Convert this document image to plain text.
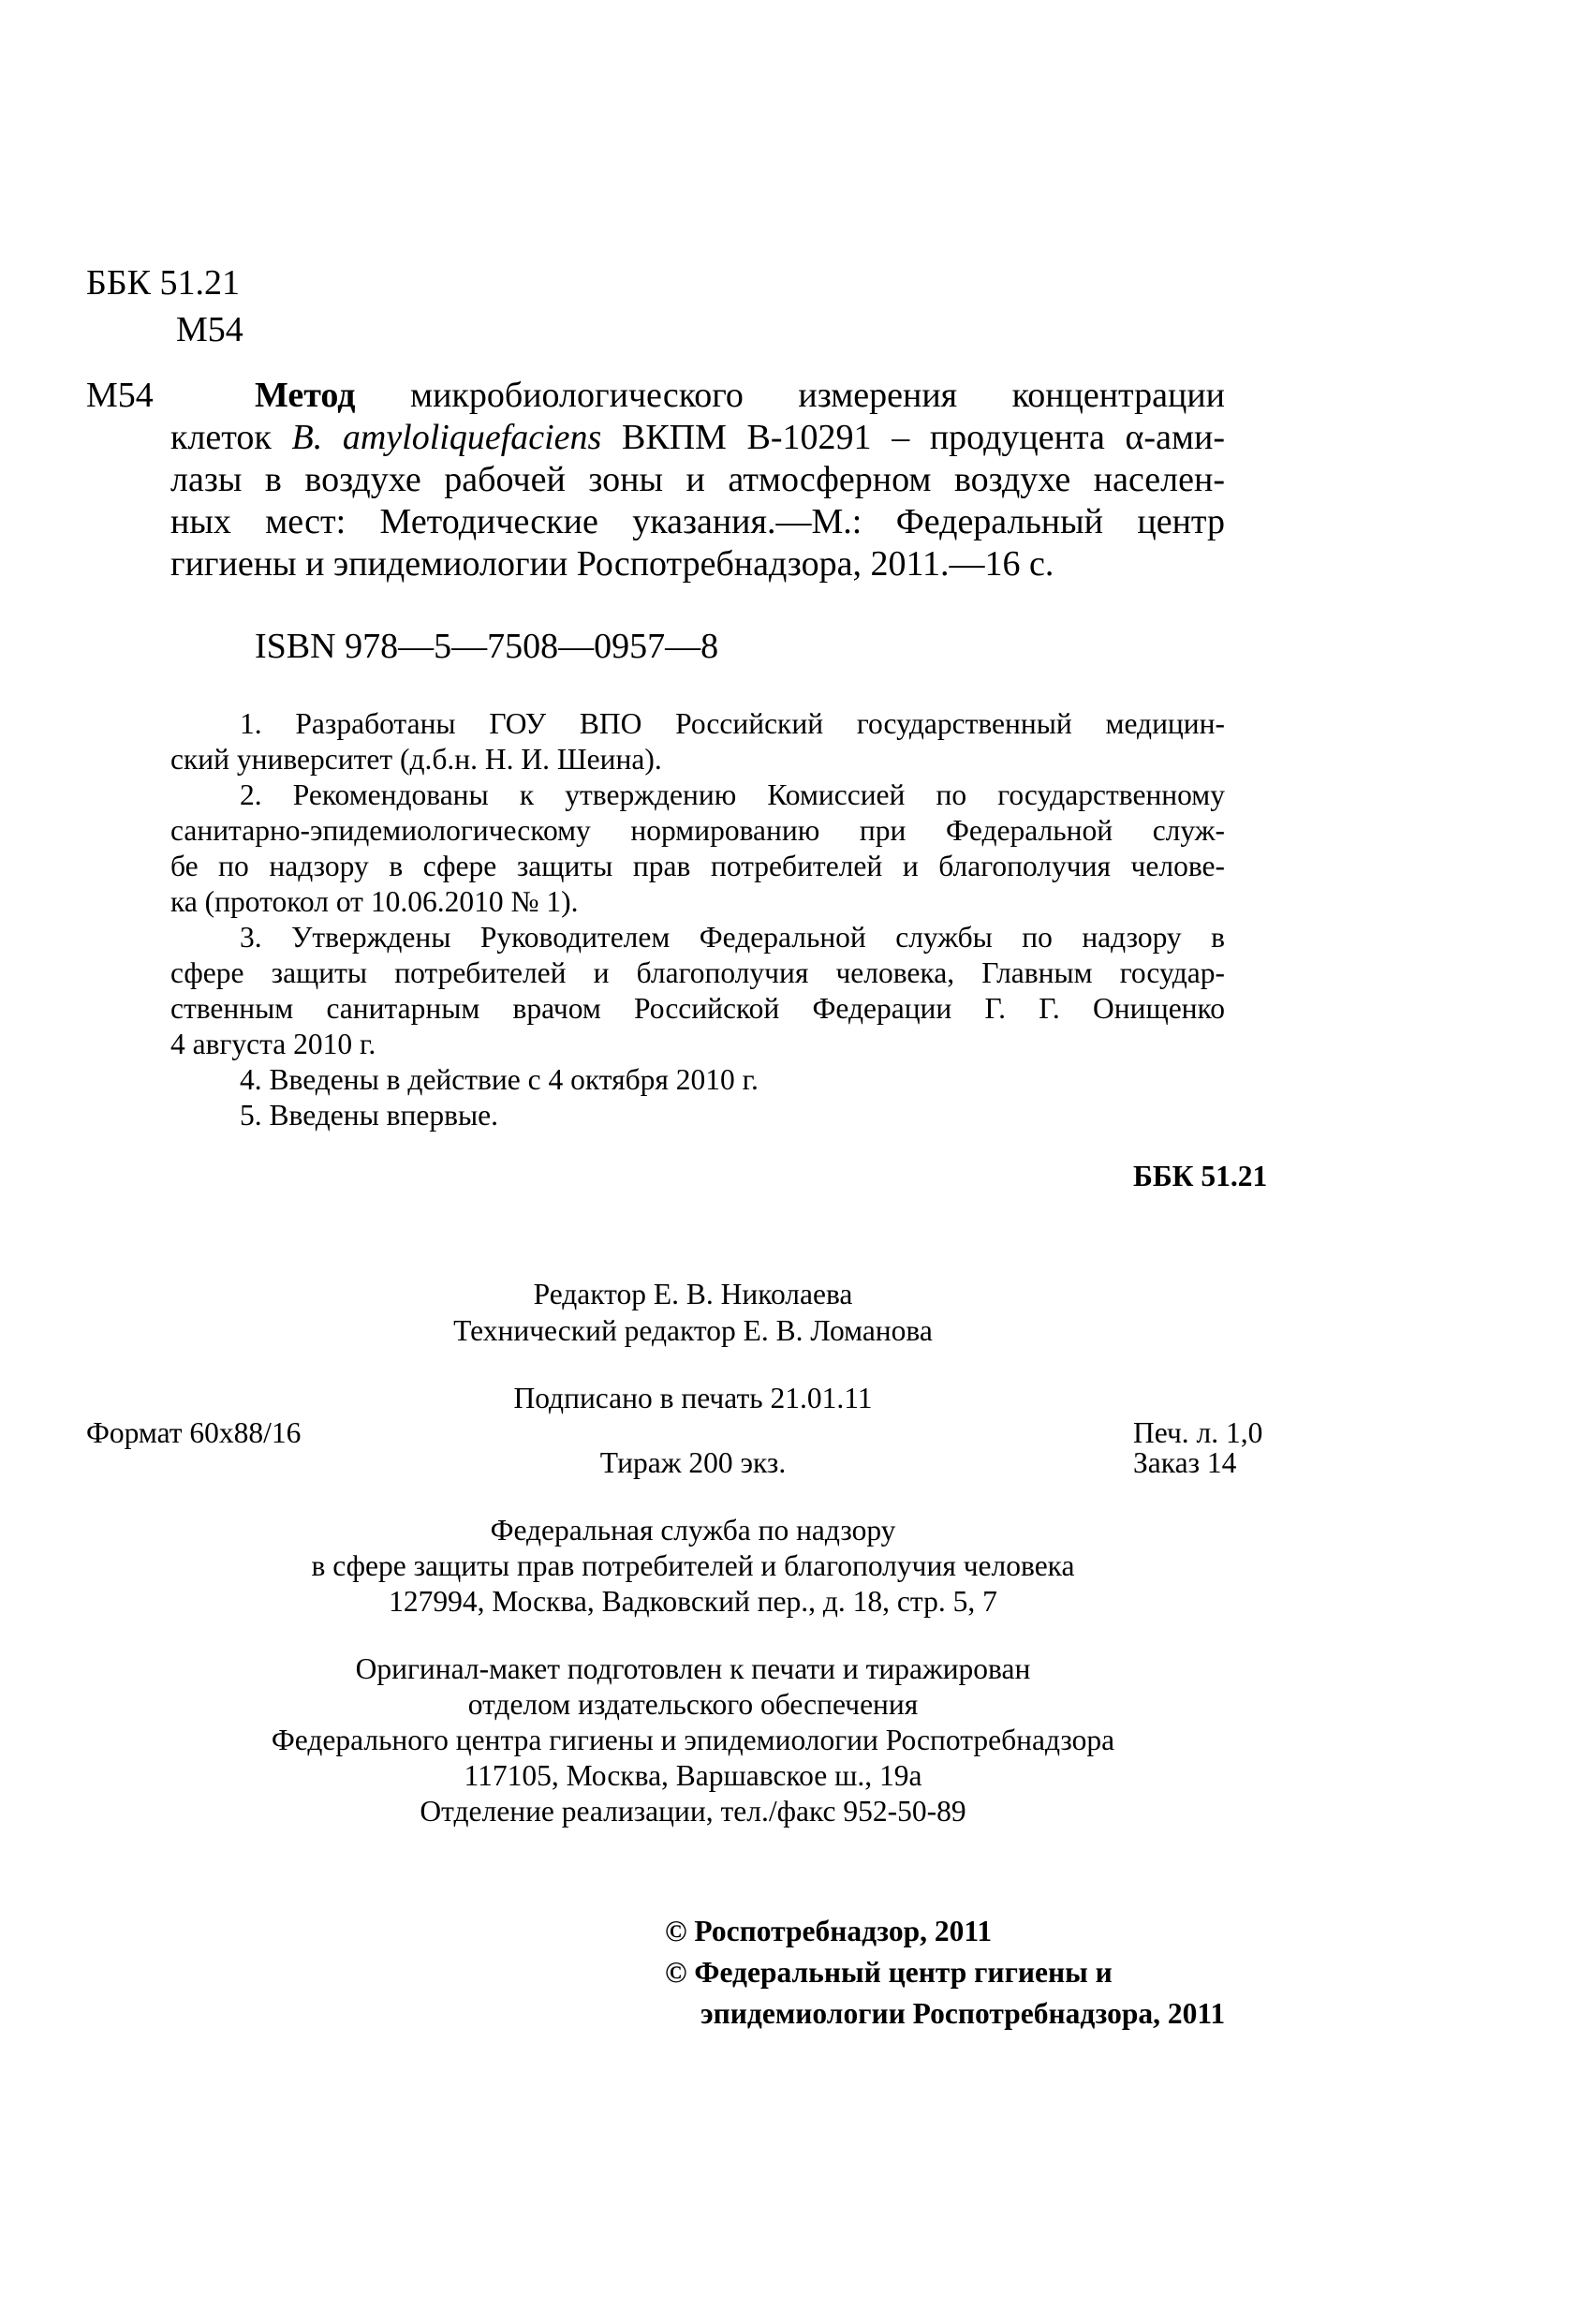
ББК 51.21
М54
М54	Метод микробиологического измерения концентрации
клеток B. amyloliquefaciens ВКПМ В-10291 – продуцента α-ами-
лазы в воздухе рабочей зоны и атмосферном воздухе населен-
ных мест: Методические указания.—М.: Федеральный центр
гигиены и эпидемиологии Роспотребнадзора, 2011.—16 с.
ISBN 978—5—7508—0957—8
1. Разработаны ГОУ ВПО Российский государственный медицин-
ский университет (д.б.н. Н. И. Шеина).
2. Рекомендованы к утверждению Комиссией по государственному
санитарно-эпидемиологическому нормированию при Федеральной служ-
бе по надзору в сфере защиты прав потребителей и благополучия челове-
ка (протокол от 10.06.2010 № 1).
3. Утверждены Руководителем Федеральной службы по надзору в
сфере защиты потребителей и благополучия человека, Главным государ-
ственным санитарным врачом Российской Федерации Г. Г. Онищенко
4 августа 2010 г.
4. Введены в действие с 4 октября 2010 г.
5. Введены впервые.
ББК 51.21
Редактор Е. В. Николаева
Технический редактор Е. В. Ломанова
Подписано в печать 21.01.11
Формат 60х88/16	Печ. л. 1,0
Тираж 200 экз.	Заказ 14
Федеральная служба по надзору
в сфере защиты прав потребителей и благополучия человека
127994, Москва, Вадковский пер., д. 18, стр. 5, 7
Оригинал-макет подготовлен к печати и тиражирован
отделом издательского обеспечения
Федерального центра гигиены и эпидемиологии Роспотребнадзора
117105, Москва, Варшавское ш., 19а
Отделение реализации, тел./факс 952-50-89
© Роспотребнадзор, 2011
© Федеральный центр гигиены и
эпидемиологии Роспотребнадзора, 2011
